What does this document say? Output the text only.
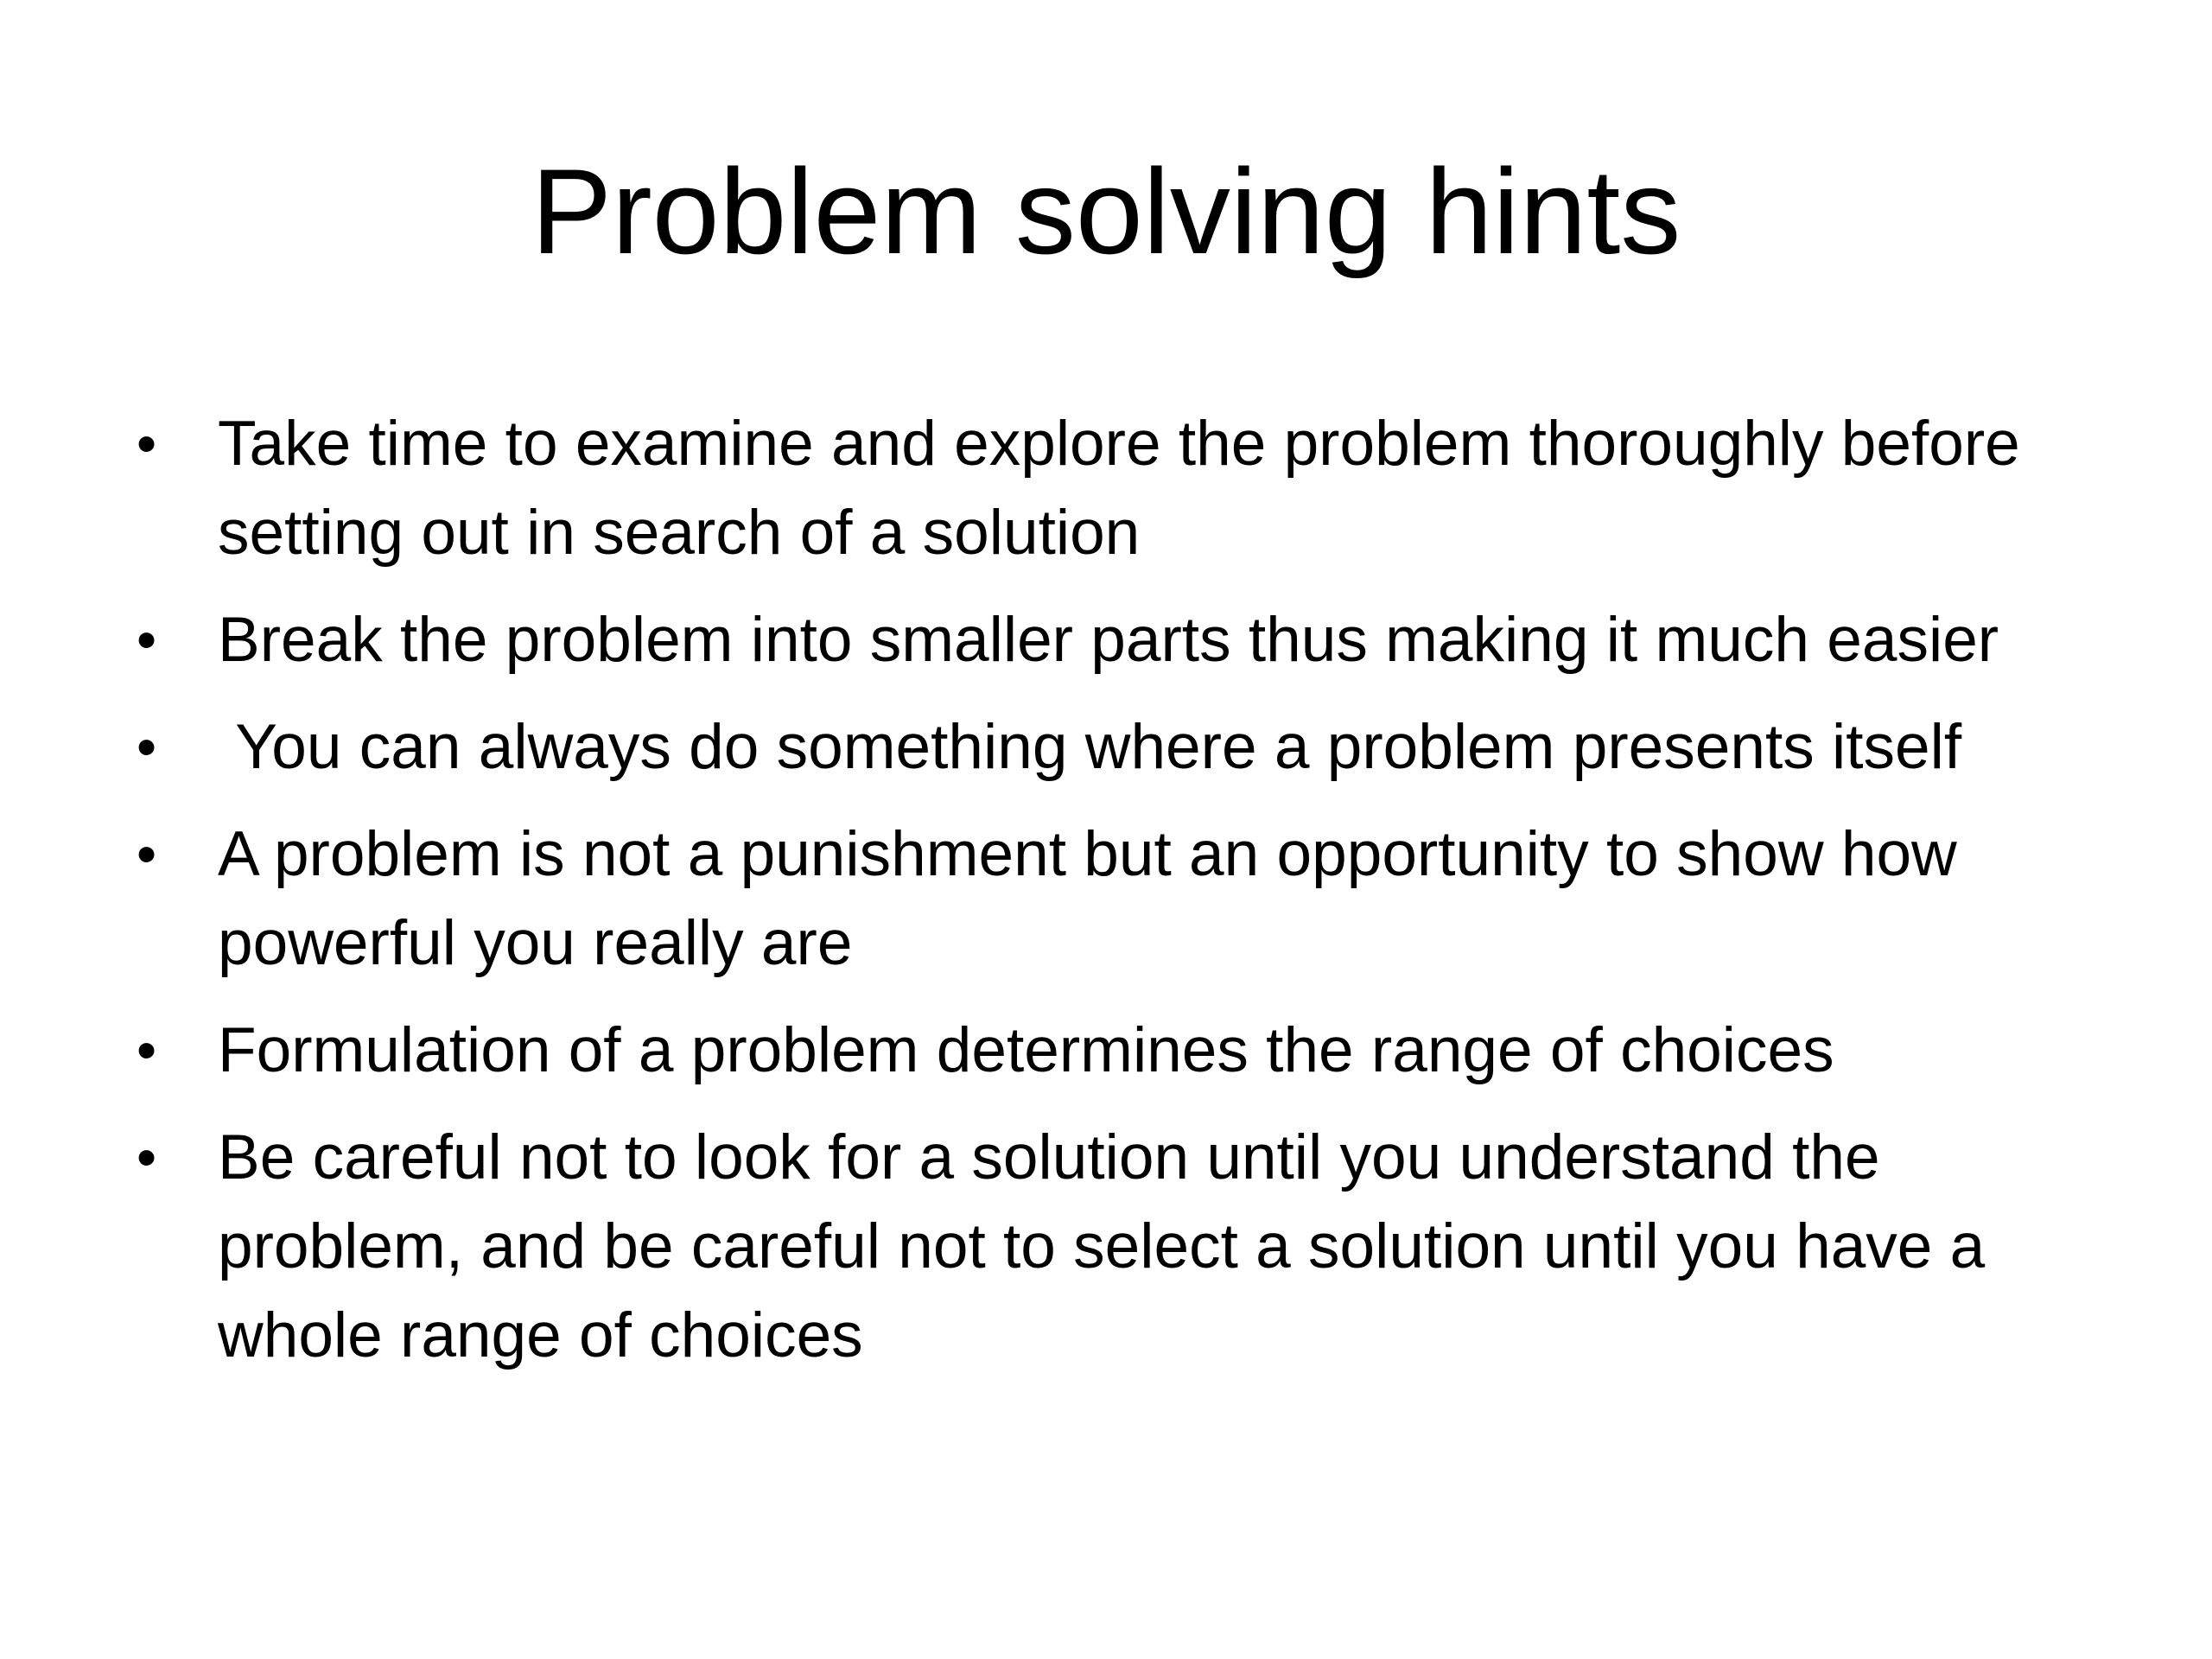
Problem solving hints
• Take time to examine and explore the problem thoroughly before setting out in search of a solution
• Break the problem into smaller parts thus making it much easier
• You can always do something where a problem presents itself
• A problem is not a punishment but an opportunity to show how powerful you really are
• Formulation of a problem determines the range of choices
• Be careful not to look for a solution until you understand the problem, and be careful not to select a solution until you have a whole range of choices
